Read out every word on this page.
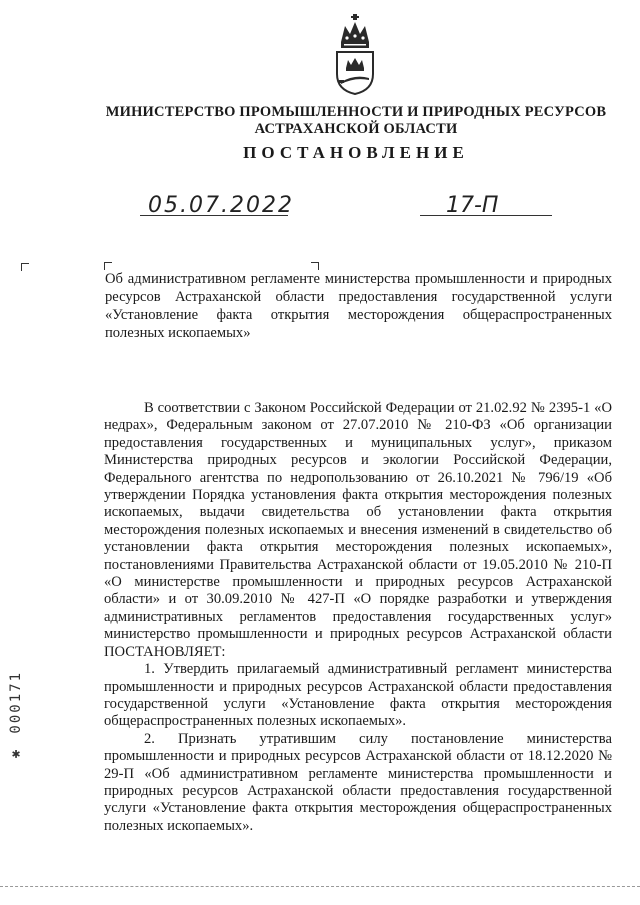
МИНИСТЕРСТВО ПРОМЫШЛЕННОСТИ И ПРИРОДНЫХ РЕСУРСОВ
АСТРАХАНСКОЙ ОБЛАСТИ
ПОСТАНОВЛЕНИЕ
05.07.2022	17-П
Об административном регламенте министерства промышленности и природных ресурсов Астраханской области предоставления государственной услуги «Установление факта открытия месторождения общераспространенных полезных ископаемых»

В соответствии с Законом Российской Федерации от 21.02.92 № 2395-1 «О недрах», Федеральным законом от 27.07.2010 № 210-ФЗ «Об организации предоставления государственных и муниципальных услуг», приказом Министерства природных ресурсов и экологии Российской Федерации, Федерального агентства по недропользованию от 26.10.2021 № 796/19 «Об утверждении Порядка установления факта открытия месторождения полезных ископаемых, выдачи свидетельства об установлении факта открытия месторождения полезных ископаемых и внесения изменений в свидетельство об установлении факта открытия месторождения полезных ископаемых», постановлениями Правительства Астраханской области от 19.05.2010 № 210-П «О министерстве промышленности и природных ресурсов Астраханской области» и от 30.09.2010 № 427-П «О порядке разработки и утверждения административных регламентов предоставления государственных услуг» министерство промышленности и природных ресурсов Астраханской области ПОСТАНОВЛЯЕТ:

1. Утвердить прилагаемый административный регламент министерства промышленности и природных ресурсов Астраханской области предоставления государственной услуги «Установление факта открытия месторождения общераспространенных полезных ископаемых».

2. Признать утратившим силу постановление министерства промышленности и природных ресурсов Астраханской области от 18.12.2020 № 29-П «Об административном регламенте министерства промышленности и природных ресурсов Астраханской области предоставления государственной услуги «Установление факта открытия месторождения общераспространенных полезных ископаемых».

✱ 000171
